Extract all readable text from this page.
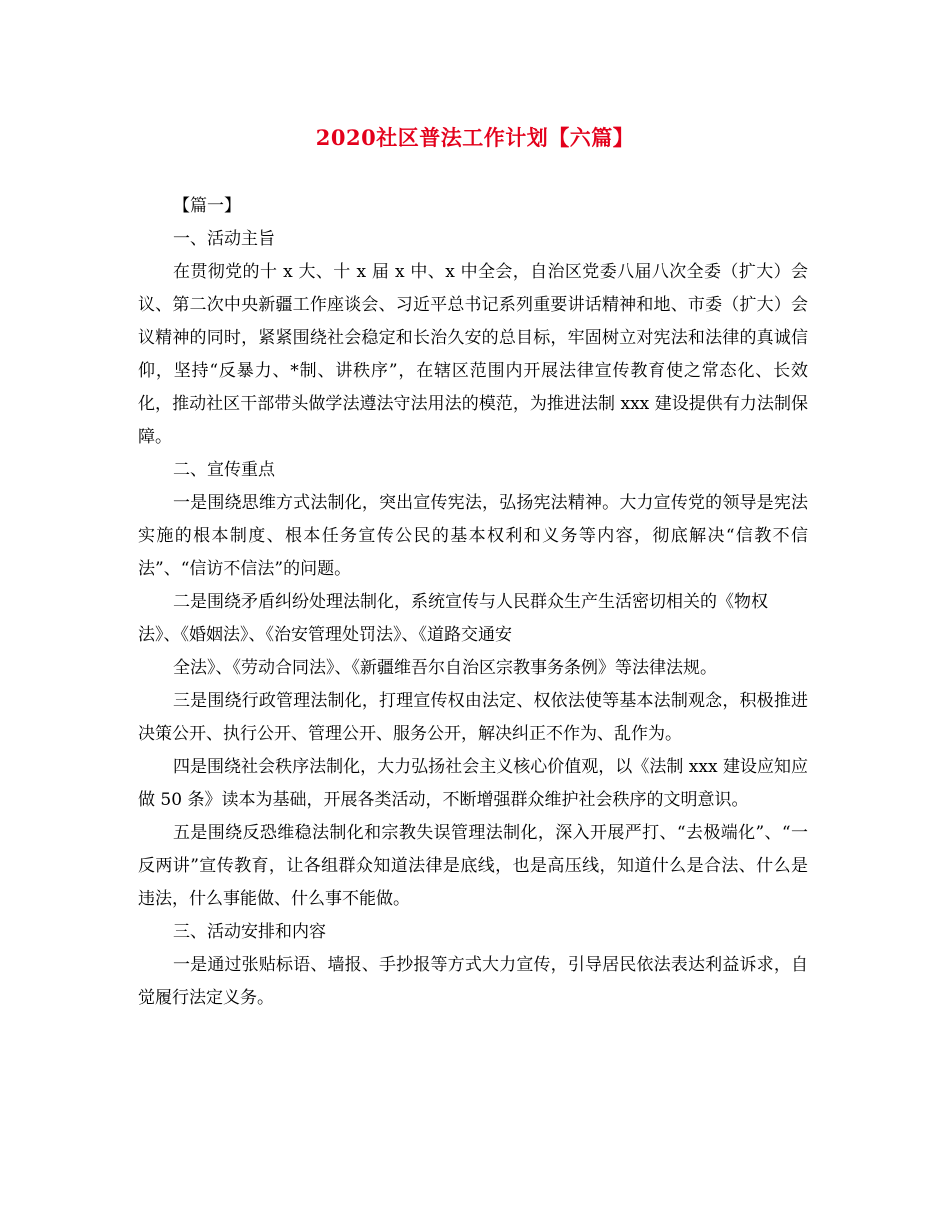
2020社区普法工作计划【六篇】

【篇一】

一、活动主旨

在贯彻党的十 x 大、十 x 届 x 中、x 中全会，自治区党委八届八次全委（扩大）会议、第二次中央新疆工作座谈会、习近平总书记系列重要讲话精神和地、市委（扩大）会议精神的同时，紧紧围绕社会稳定和长治久安的总目标，牢固树立对宪法和法律的真诚信仰，坚持“反暴力、*制、讲秩序”，在辖区范围内开展法律宣传教育使之常态化、长效化，推动社区干部带头做学法遵法守法用法的模范，为推进法制 xxx 建设提供有力法制保障。

二、宣传重点

一是围绕思维方式法制化，突出宣传宪法，弘扬宪法精神。大力宣传党的领导是宪法实施的根本制度、根本任务宣传公民的基本权利和义务等内容，彻底解决“信教不信法”、“信访不信法”的问题。

二是围绕矛盾纠纷处理法制化，系统宣传与人民群众生产生活密切相关的《物权法》、《婚姻法》、《治安管理处罚法》、《道路交通安

全法》、《劳动合同法》、《新疆维吾尔自治区宗教事务条例》等法律法规。

三是围绕行政管理法制化，打理宣传权由法定、权依法使等基本法制观念，积极推进决策公开、执行公开、管理公开、服务公开，解决纠正不作为、乱作为。

四是围绕社会秩序法制化，大力弘扬社会主义核心价值观，以《法制 xxx 建设应知应做 50 条》读本为基础，开展各类活动，不断增强群众维护社会秩序的文明意识。

五是围绕反恐维稳法制化和宗教失误管理法制化，深入开展严打、“去极端化”、“一反两讲”宣传教育，让各组群众知道法律是底线，也是高压线，知道什么是合法、什么是违法，什么事能做、什么事不能做。

三、活动安排和内容

一是通过张贴标语、墙报、手抄报等方式大力宣传，引导居民依法表达利益诉求，自觉履行法定义务。
